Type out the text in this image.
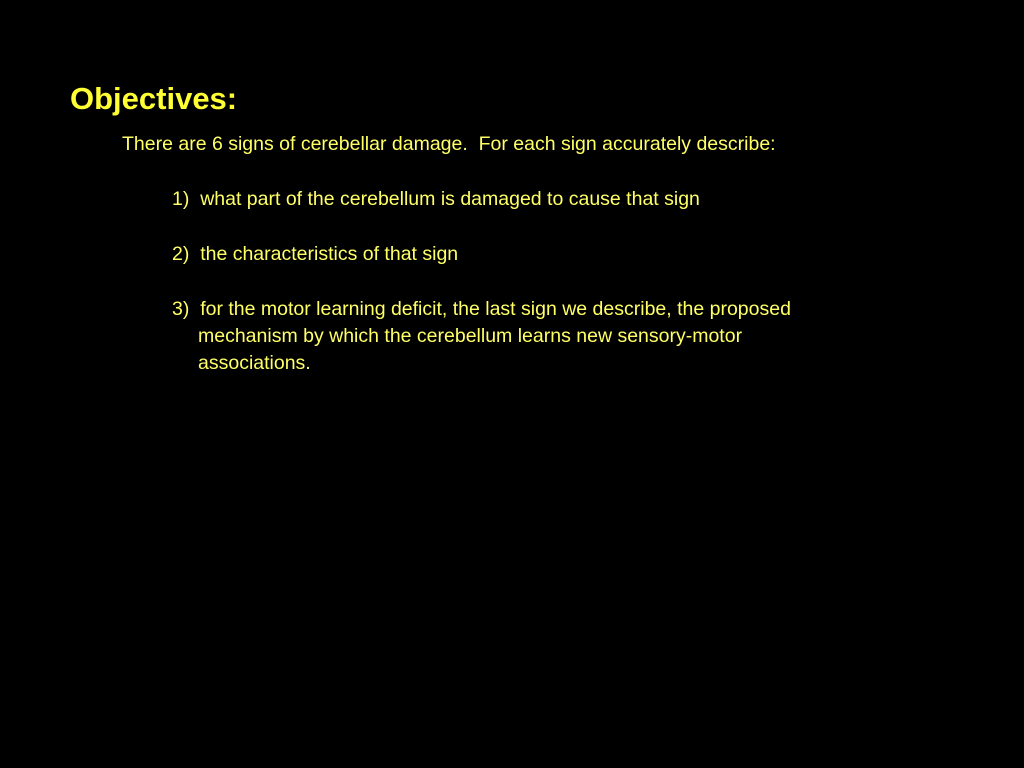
Objectives:

There are 6 signs of cerebellar damage.  For each sign accurately describe:

1) what part of the cerebellum is damaged to cause that sign

2) the characteristics of that sign

3) for the motor learning deficit, the last sign we describe, the proposed
mechanism by which the cerebellum learns new sensory-motor
associations.
